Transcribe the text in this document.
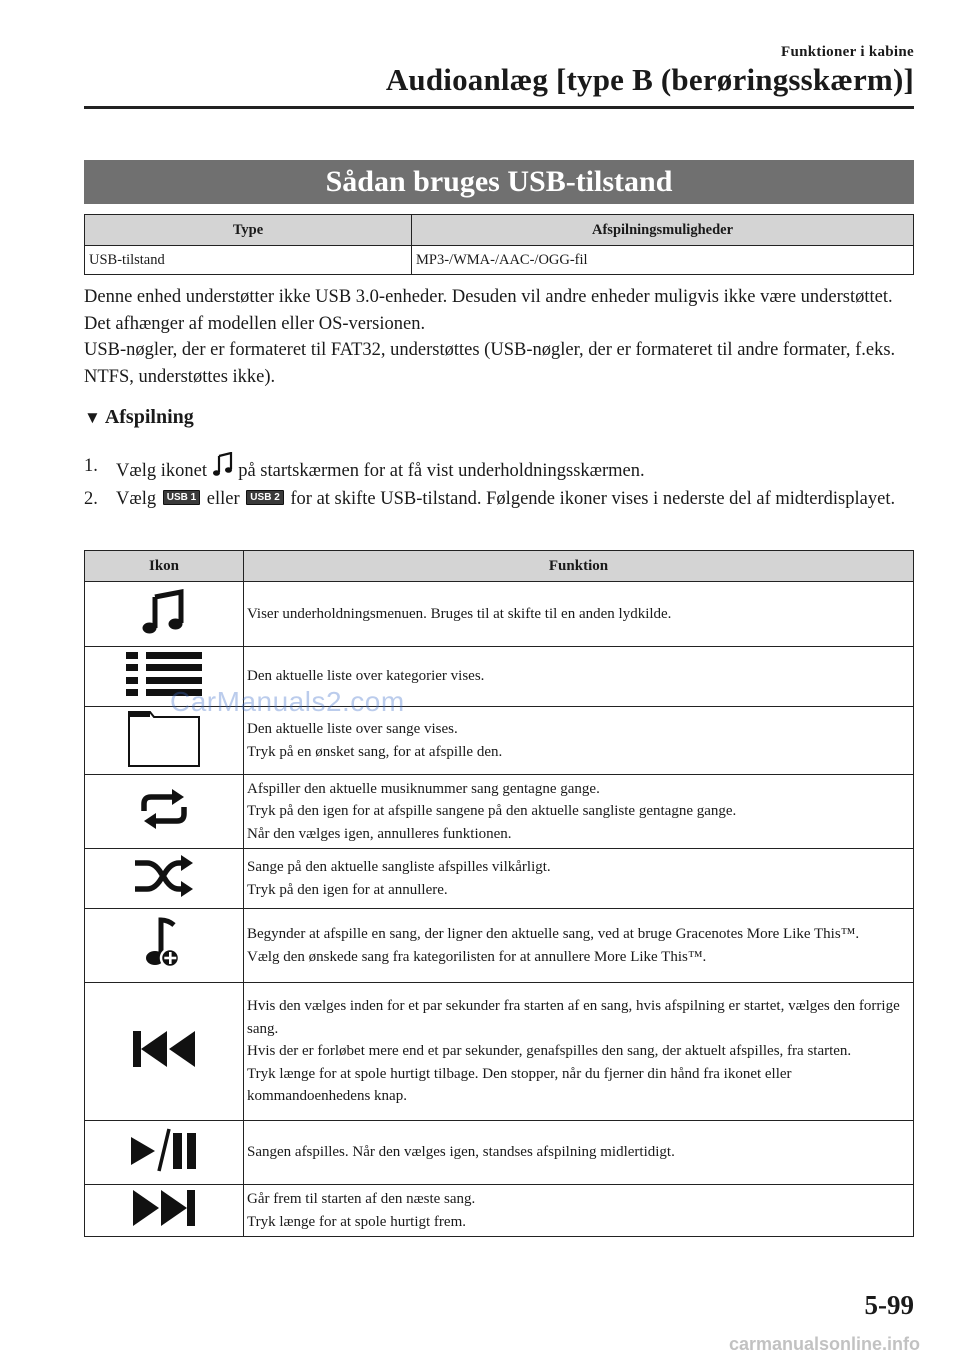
Funktioner i kabine
Audioanlæg [type B (berøringsskærm)]
Sådan bruges USB-tilstand
Type	Afspilningsmuligheder
USB-tilstand	MP3-/WMA-/AAC-/OGG-fil

Denne enhed understøtter ikke USB 3.0-enheder. Desuden vil andre enheder muligvis ikke være understøttet. Det afhænger af modellen eller OS-versionen.

USB-nøgler, der er formateret til FAT32, understøttes (USB-nøgler, der er formateret til andre formater, f.eks. NTFS, understøttes ikke).

▼ Afspilning
1. Vælg ikonet på startskærmen for at få vist underholdningsskærmen.
2. Vælg USB 1 eller USB 2 for at skifte USB-tilstand. Følgende ikoner vises i nederste del af midterdisplayet.
Ikon	Funktion

Viser underholdningsmenuen. Bruges til at skifte til en anden lydkilde.

Den aktuelle liste over kategorier vises.

Den aktuelle liste over sange vises.
Tryk på en ønsket sang, for at afspille den.

Afspiller den aktuelle musiknummer sang gentagne gange.
Tryk på den igen for at afspille sangene på den aktuelle sangliste gentagne gange.
Når den vælges igen, annulleres funktionen.

Sange på den aktuelle sangliste afspilles vilkårligt.
Tryk på den igen for at annullere.

Begynder at afspille en sang, der ligner den aktuelle sang, ved at bruge Gracenotes More Like This™.
Vælg den ønskede sang fra kategorilisten for at annullere More Like This™.

Hvis den vælges inden for et par sekunder fra starten af en sang, hvis afspilning er startet, vælges den forrige sang.
Hvis der er forløbet mere end et par sekunder, genafspilles den sang, der aktuelt afspilles, fra starten.
Tryk længe for at spole hurtigt tilbage. Den stopper, når du fjerner din hånd fra ikonet eller kommandoenhedens knap.

Sangen afspilles. Når den vælges igen, standses afspilning midlertidigt.

Går frem til starten af den næste sang.
Tryk længe for at spole hurtigt frem.
5-99
CarManuals2.com
carmanualsonline.info
